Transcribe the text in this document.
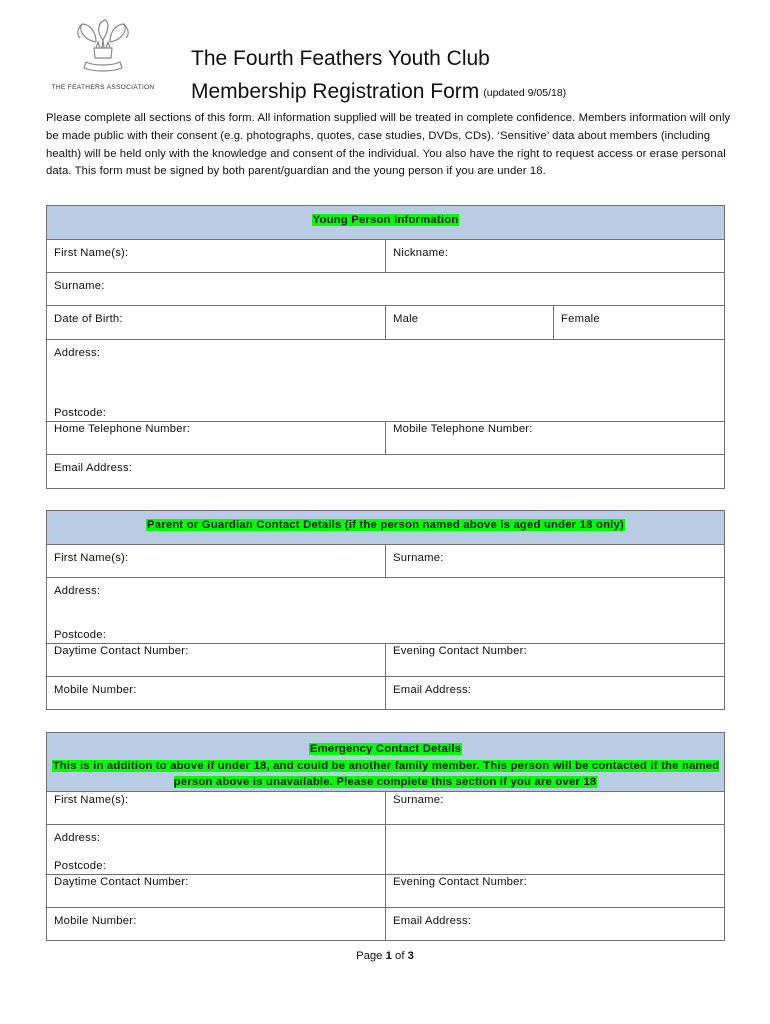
THE FEATHERS ASSOCIATION
The Fourth Feathers Youth Club
Membership Registration Form (updated 9/05/18)

Please complete all sections of this form. All information supplied will be treated in complete confidence. Members information will only be made public with their consent (e.g. photographs, quotes, case studies, DVDs, CDs). ‘Sensitive’ data about members (including health) will be held only with the knowledge and consent of the individual. You also have the right to request access or erase personal data. This form must be signed by both parent/guardian and the young person if you are under 18.

Young Person Information		
First Name(s):	Nickname:	
Surname:		
Date of Birth:	Male	Female
Address:
Postcode:		

Home Telephone Number:	Mobile Telephone Number:	
Email Address:		
Parent or Guardian Contact Details (if the person named above is aged under 18 only)	
First Name(s):	Surname:
Address:
Postcode:	

Daytime Contact Number:	Evening Contact Number:
Mobile Number:	Email Address:
Emergency Contact Details
This is in addition to above if under 18, and could be another family member. This person will be contacted if the named person above is unavailable. Please complete this section if you are over 18	
First Name(s):	Surname:
Address:
Postcode:	

Daytime Contact Number:	Evening Contact Number:
Mobile Number:	Email Address:
Page 1 of 3
